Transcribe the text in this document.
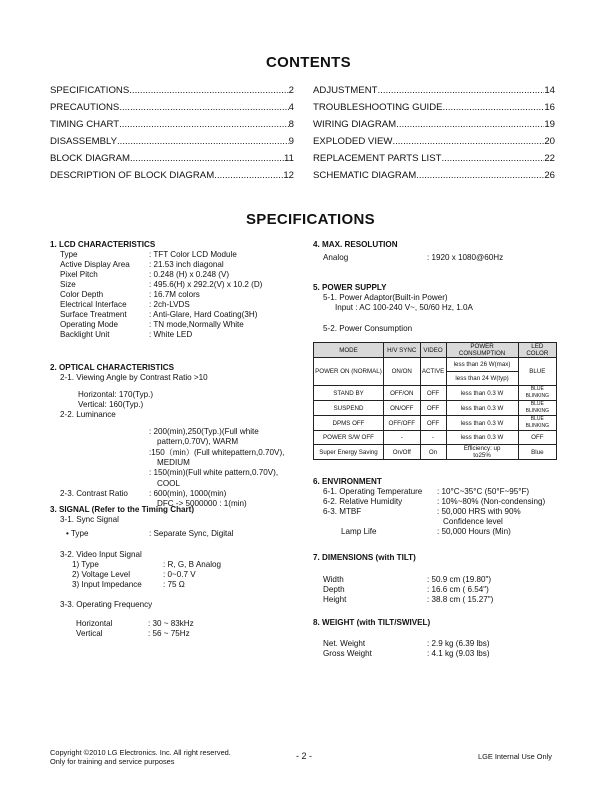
CONTENTS
SPECIFICATIONS .....	2
PRECAUTIONS .....	4
TIMING CHART .....	8
DISASSEMBLY .....	9
BLOCK DIAGRAM .....	11
DESCRIPTION OF BLOCK DIAGRAM .....	12
ADJUSTMENT .....	14
TROUBLESHOOTING GUIDE .....	16
WIRING DIAGRAM .....	19
EXPLODED VIEW .....	20
REPLACEMENT PARTS LIST .....	22
SCHEMATIC DIAGRAM .....	26
SPECIFICATIONS
1. LCD CHARACTERISTICS
Type	: TFT Color LCD Module
Active Display Area	: 21.53 inch diagonal
Pixel Pitch	: 0.248 (H) x 0.248 (V)
Size	: 495.6(H) x 292.2(V) x 10.2 (D)
Color Depth	: 16.7M colors
Electrical Interface	: 2ch-LVDS
Surface Treatment	: Anti-Glare, Hard Coating(3H)
Operating Mode	: TN mode,Normally White
Backlight Unit	: White LED
2. OPTICAL CHARACTERISTICS
2-1. Viewing Angle by Contrast Ratio >10
Horizontal: 170(Typ.)
Vertical: 160(Typ.)
2-2. Luminance
: 200(min),250(Typ.)(Full white
pattern,0.70V), WARM
:150（min）(Full whitepattern,0.70V),
MEDIUM
: 150(min)(Full white pattern,0.70V),
COOL
2-3. Contrast Ratio	: 600(min), 1000(min)
DFC -> 5000000 : 1(min)
3. SIGNAL (Refer to the Timing Chart)
3-1. Sync Signal
• Type	: Separate Sync, Digital
3-2. Video Input Signal
1) Type	: R, G, B Analog
2) Voltage Level	: 0~0.7 V
3) Input Impedance	: 75 Ω
3-3. Operating Frequency
Horizontal	: 30 ~ 83kHz
Vertical	: 56 ~ 75Hz
4. MAX. RESOLUTION
Analog	: 1920 x 1080@60Hz
5. POWER SUPPLY
5-1. Power Adaptor(Built-in Power)
Input : AC 100-240 V~, 50/60 Hz, 1.0A
5-2. Power Consumption
MODE	H/V SYNC	VIDEO	POWER CONSUMPTION	LED COLOR
POWER ON (NORMAL)	ON/ON	ACTIVE	less than 26 W(max)	BLUE
			less than 24 W(typ)	
STAND BY	OFF/ON	OFF	less than 0.3 W	BLUE BLINKING
SUSPEND	ON/OFF	OFF	less than 0.3 W	BLUE BLINKING
DPMS OFF	OFF/OFF	OFF	less than 0.3 W	BLUE BLINKING
POWER S/W OFF	-	-	less than 0.3 W	OFF
Super Energy Saving	On/Off	On	Efficiency: up to25%	Blue
6. ENVIRONMENT
6-1. Operating Temperature	: 10°C~35°C (50°F~95°F)
6-2. Relative Humidity	: 10%~80% (Non-condensing)
6-3. MTBF	: 50,000 HRS with 90%
Confidence level
Lamp Life	: 50,000 Hours (Min)
7. DIMENSIONS (with TILT)
Width	: 50.9 cm (19.80")
Depth	: 16.6 cm ( 6.54")
Height	: 38.8 cm ( 15.27")
8. WEIGHT (with TILT/SWIVEL)
Net. Weight	: 2.9 kg (6.39 lbs)
Gross Weight	: 4.1 kg (9.03 lbs)
Copyright ©2010 LG Electronics. Inc. All right reserved.
Only for training and service purposes
- 2 -	LGE Internal Use Only
